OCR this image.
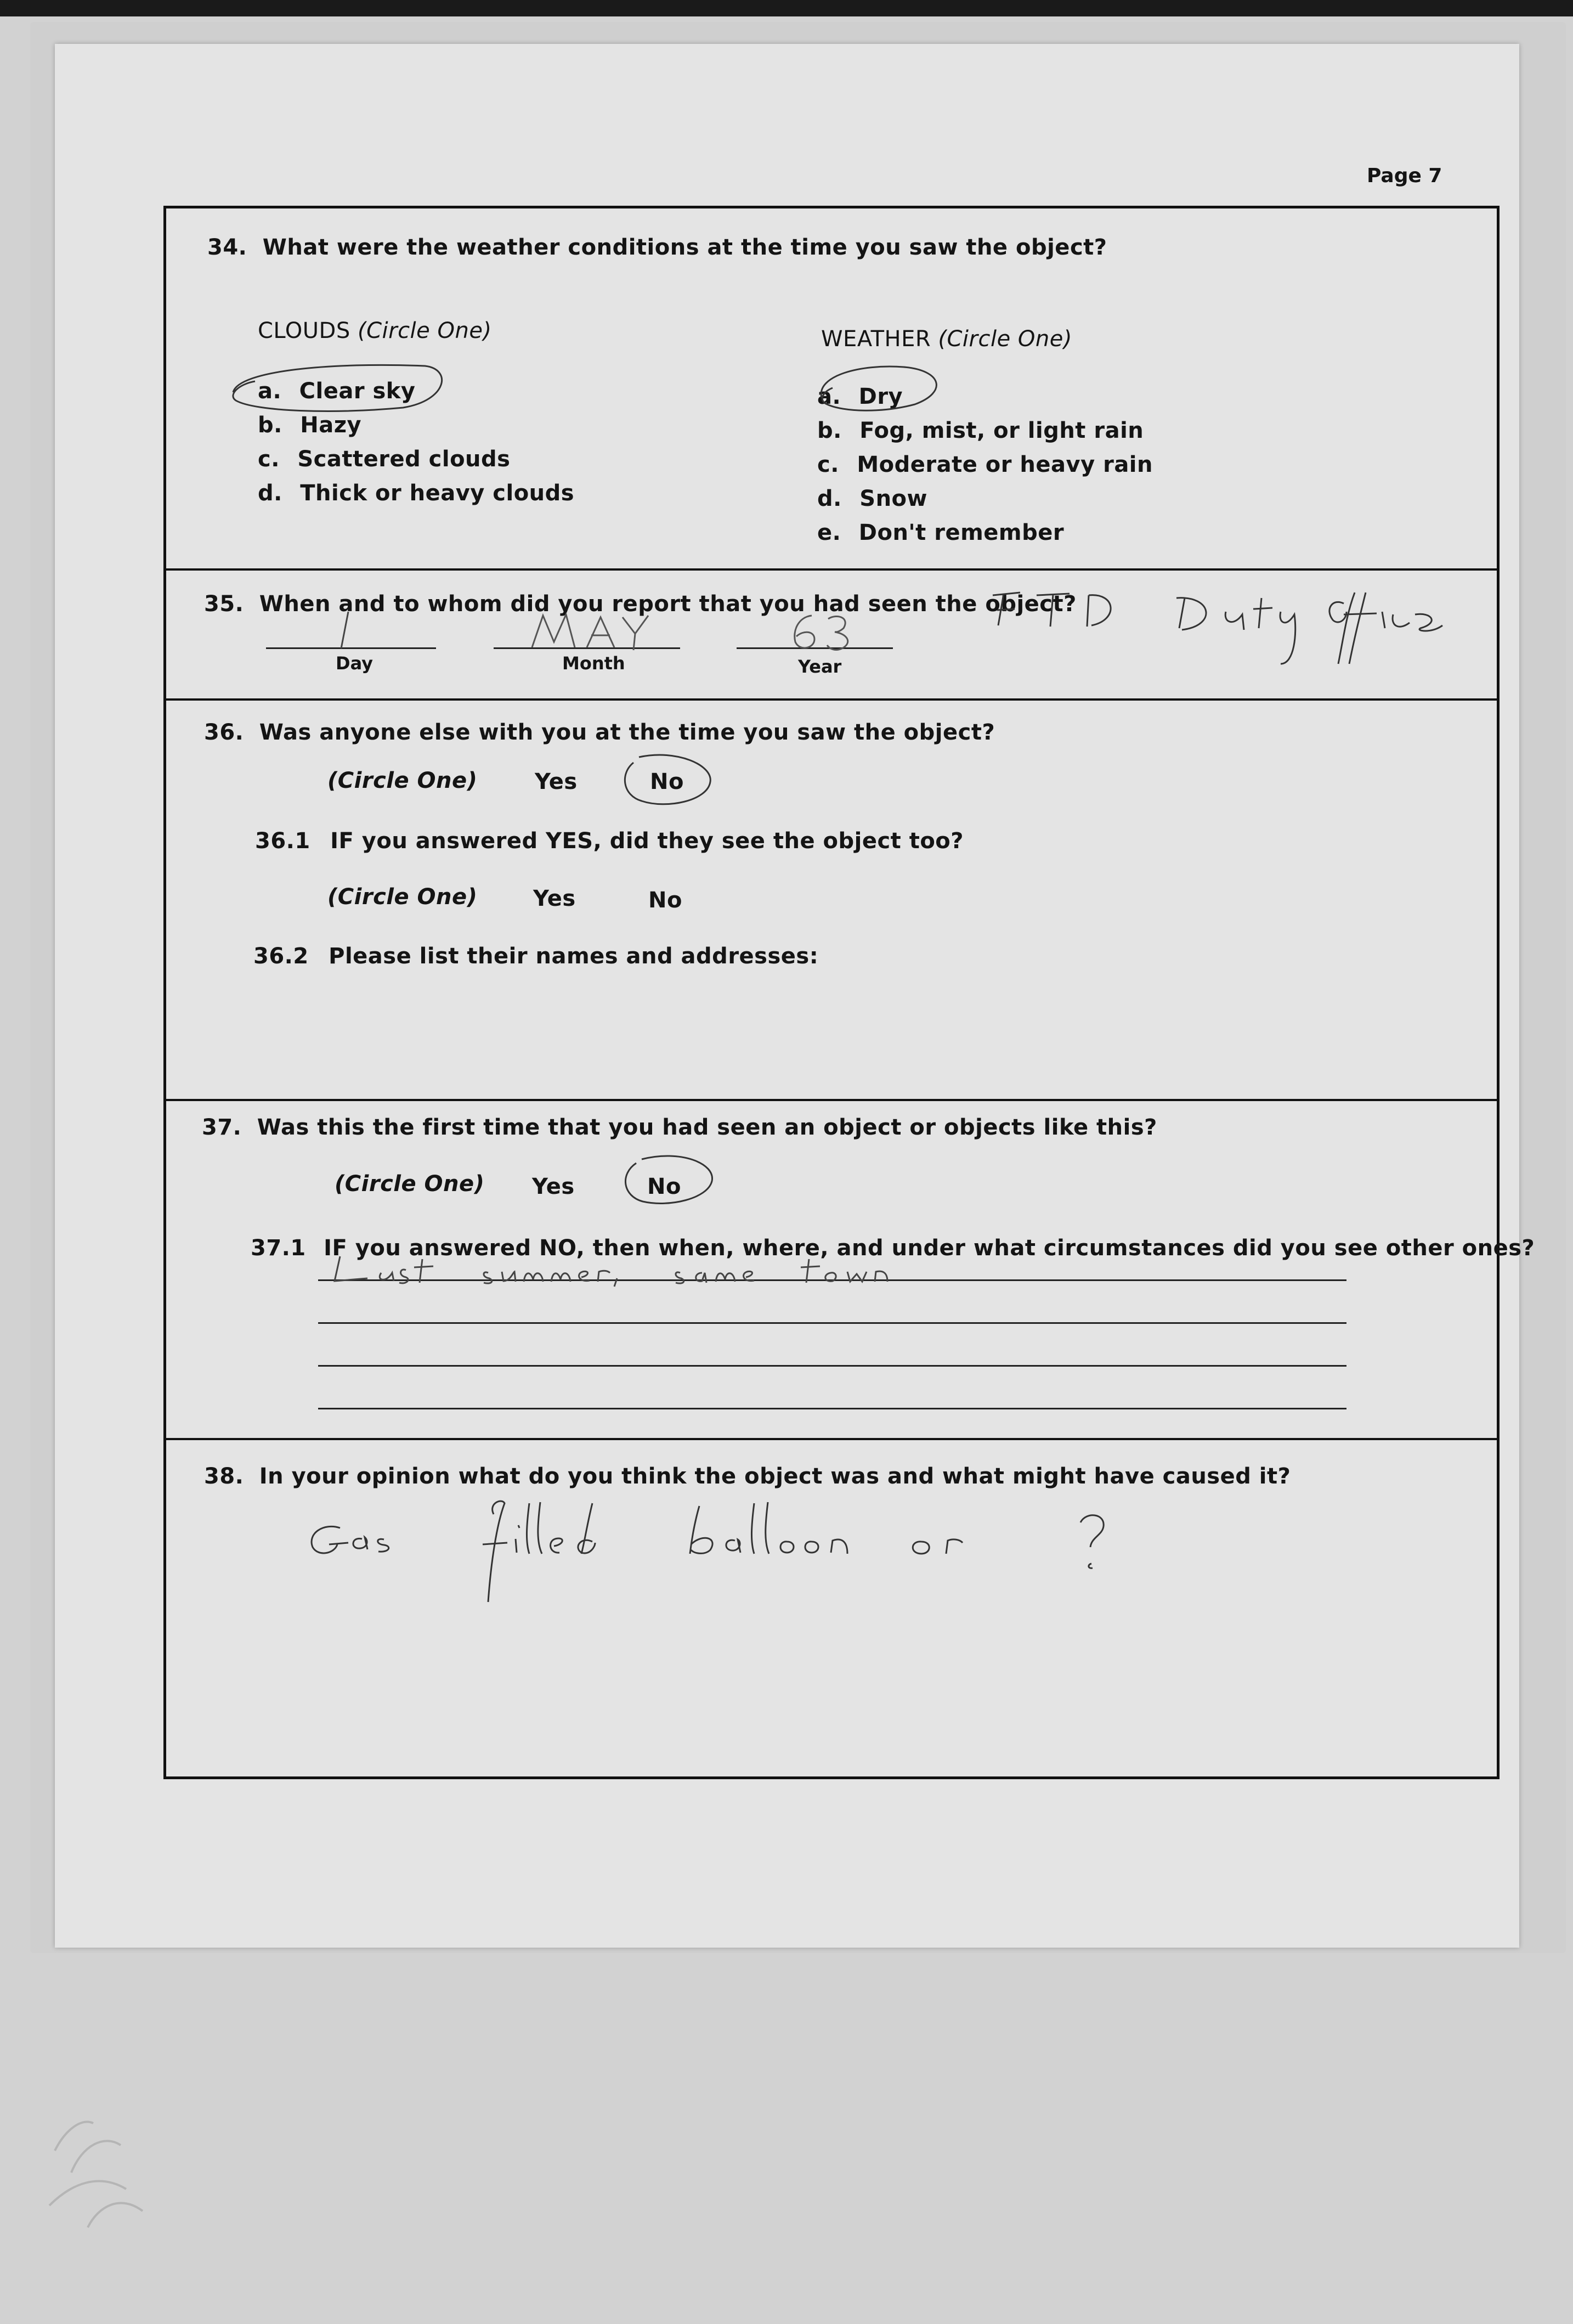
Page 7
34. What were the weather conditions at the time you saw the object?
CLOUDS (Circle One)
a. Clear sky
b. Hazy
c. Scattered clouds
d. Thick or heavy clouds
WEATHER (Circle One)
a. Dry
b. Fog, mist, or light rain
c. Moderate or heavy rain
d. Snow
e. Don't remember
35. When and to whom did you report that you had seen the object?
Day	Month	Year
36. Was anyone else with you at the time you saw the object?
(Circle One)	Yes	No
36.1 IF you answered YES, did they see the object too?
(Circle One)	Yes	No
36.2 Please list their names and addresses:
37. Was this the first time that you had seen an object or objects like this?
(Circle One) Yes	No
37.1 IF you answered NO, then when, where, and under what circumstances did you see other ones?
38. In your opinion what do you think the object was and what might have caused it?
